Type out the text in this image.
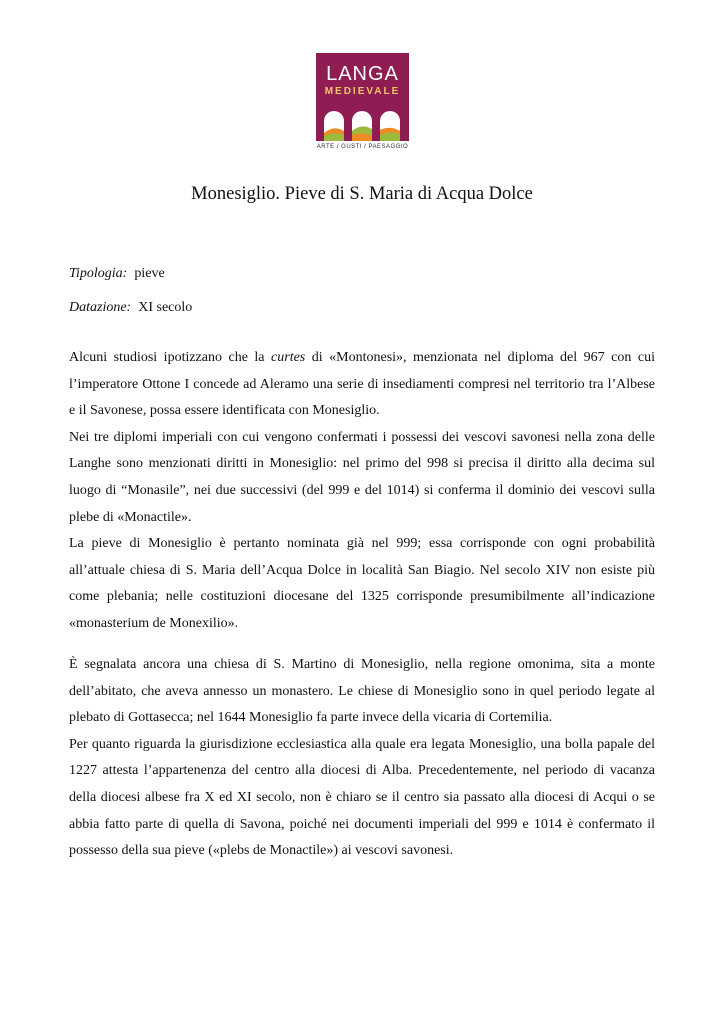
LANGA
MEDIEVALE
ARTE / GUSTI / PAESAGGIO
Monesiglio. Pieve di S. Maria di Acqua Dolce
Tipologia: pieve
Datazione: XI secolo

Alcuni studiosi ipotizzano che la curtes di «Montonesi», menzionata nel diploma del 967 con cui l’imperatore Ottone I concede ad Aleramo una serie di insediamenti compresi nel territorio tra l’Albese e il Savonese, possa essere identificata con Monesiglio.

Nei tre diplomi imperiali con cui vengono confermati i possessi dei vescovi savonesi nella zona delle Langhe sono menzionati diritti in Monesiglio: nel primo del 998 si precisa il diritto alla decima sul luogo di “Monasile”, nei due successivi (del 999 e del 1014) si conferma il dominio dei vescovi sulla plebe di «Monactile».

La pieve di Monesiglio è pertanto nominata già nel 999; essa corrisponde con ogni probabilità all’attuale chiesa di S. Maria dell’Acqua Dolce in località San Biagio. Nel secolo XIV non esiste più come plebania; nelle costituzioni diocesane del 1325 corrisponde presumibilmente all’indicazione «monasterium de Monexilio».

È segnalata ancora una chiesa di S. Martino di Monesiglio, nella regione omonima, sita a monte dell’abitato, che aveva annesso un monastero. Le chiese di Monesiglio sono in quel periodo legate al plebato di Gottasecca; nel 1644 Monesiglio fa parte invece della vicaria di Cortemilia.

Per quanto riguarda la giurisdizione ecclesiastica alla quale era legata Monesiglio, una bolla papale del 1227 attesta l’appartenenza del centro alla diocesi di Alba. Precedentemente, nel periodo di vacanza della diocesi albese fra X ed XI secolo, non è chiaro se il centro sia passato alla diocesi di Acqui o se abbia fatto parte di quella di Savona, poiché nei documenti imperiali del 999 e 1014 è confermato il possesso della sua pieve («plebs de Monactile») ai vescovi savonesi.
